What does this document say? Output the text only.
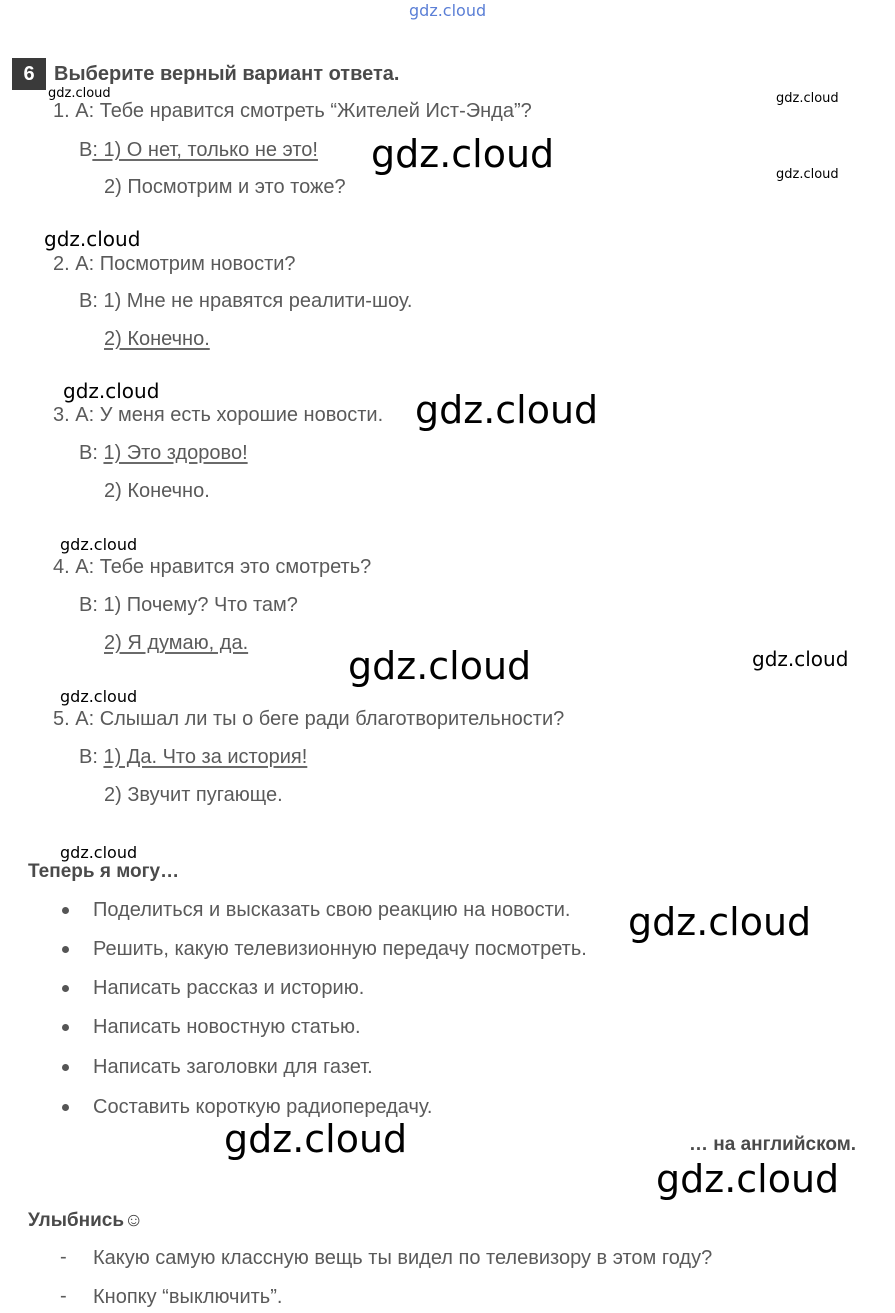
gdz.cloud
6 Выберите верный вариант ответа.
gdz.cloud
1. А: Тебе нравится смотреть “Жителей Ист-Энда”?
В: 1) О нет, только не это!
2) Посмотрим и это тоже?
gdz.cloud
gdz.cloud
gdz.cloud
gdz.cloud
2. А: Посмотрим новости?
В: 1) Мне не нравятся реалити-шоу.
2) Конечно.
gdz.cloud
3. А: У меня есть хорошие новости. gdz.cloud
В: 1) Это здорово!
2) Конечно.
gdz.cloud
4. А: Тебе нравится это смотреть?
В: 1) Почему? Что там?
2) Я думаю, да.
gdz.cloud	gdz.cloud
gdz.cloud
5. А: Слышал ли ты о беге ради благотворительности?
В: 1) Да. Что за история!
2) Звучит пугающе.
gdz.cloud
Теперь я могу…
Поделиться и высказать свою реакцию на новости.
Решить, какую телевизионную передачу посмотреть.
gdz.cloud
Написать рассказ и историю.
Написать новостную статью.
Написать заголовки для газет.
Составить короткую радиопередачу.
gdz.cloud	… на английском.
gdz.cloud
Улыбнись☺
- Какую самую классную вещь ты видел по телевизору в этом году?
- Кнопку “выключить”.
